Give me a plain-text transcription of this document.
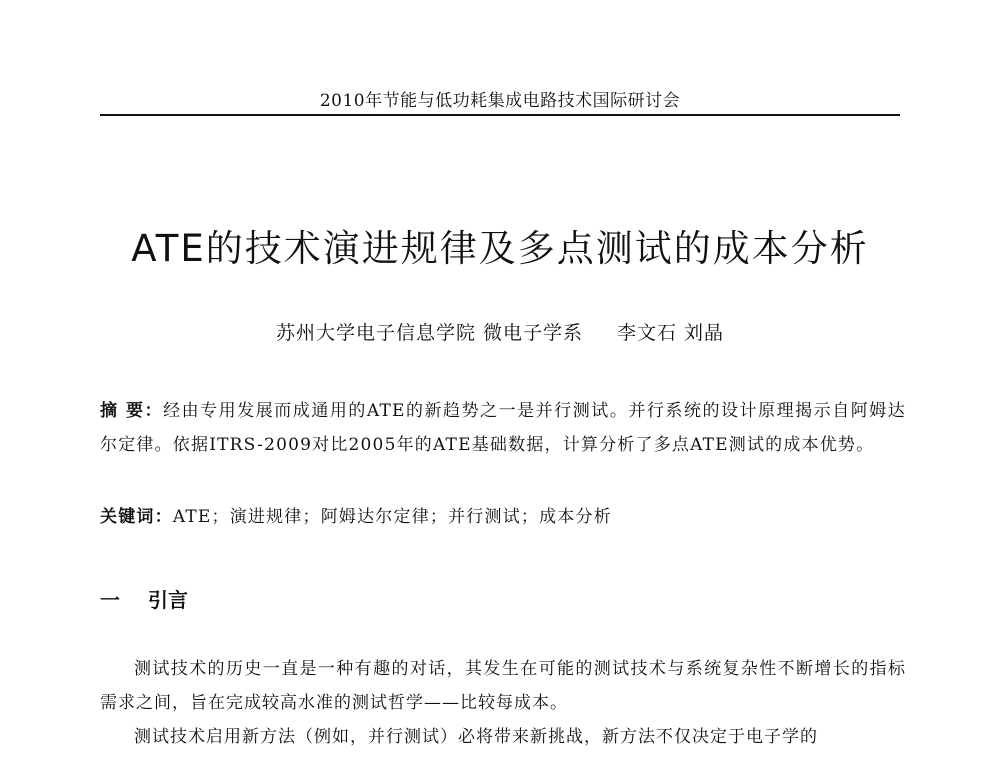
2010年节能与低功耗集成电路技术国际研讨会
ATE的技术演进规律及多点测试的成本分析
苏州大学电子信息学院 微电子学系 李文石 刘晶
摘 要：经由专用发展而成通用的ATE的新趋势之一是并行测试。并行系统的设计原理揭示自阿姆达尔定律。依据ITRS-2009对比2005年的ATE基础数据，计算分析了多点ATE测试的成本优势。
关键词：ATE；演进规律；阿姆达尔定律；并行测试；成本分析
一 引言

测试技术的历史一直是一种有趣的对话，其发生在可能的测试技术与系统复杂性不断增长的指标需求之间，旨在完成较高水准的测试哲学——比较每成本。

测试技术启用新方法（例如，并行测试）必将带来新挑战，新方法不仅决定于电子学的
